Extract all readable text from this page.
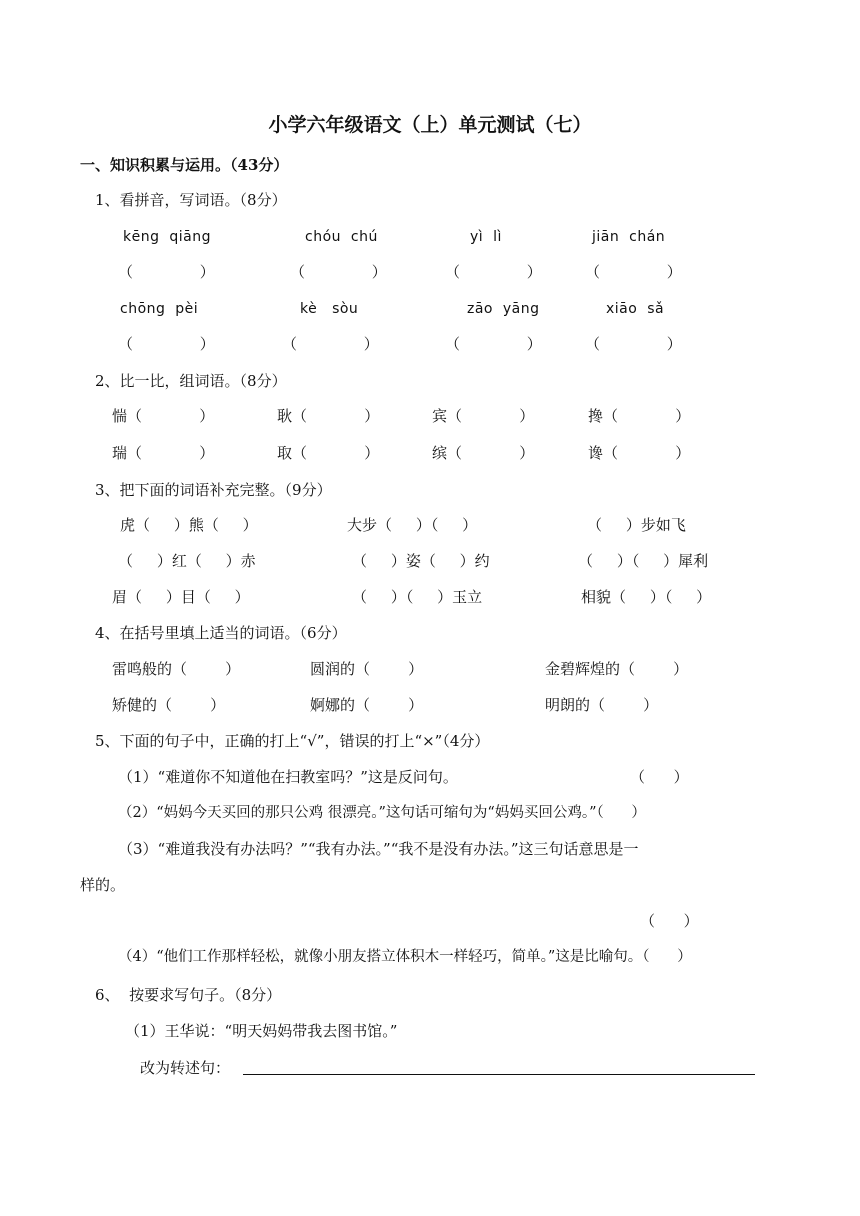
小学六年级语文（上）单元测试（七）
一、知识积累与运用。（43分）
1、看拼音，写词语。（8分）
kēng  qiāng	chóu  chú	yì  lì	jiān  chán
（              ）	（              ）	（              ）	（              ）
chōng  pèi	kè   sòu	zāo  yāng	xiāo  sǎ
（              ）	（              ）	（              ）	（              ）
2、比一比，组词语。（8分）
惴（            ）	耿（            ）	宾（            ）	搀（            ）
瑞（            ）	取（            ）	缤（            ）	谗（            ）
3、把下面的词语补充完整。（9分）
虎（     ）熊（     ）	大步（     ）（     ）	（     ）步如飞
（     ）红（     ）赤	（     ）姿（     ）约	（     ）（     ）犀利
眉（     ）目（     ）	（     ）（     ）玉立	相貌（     ）（     ）
4、在括号里填上适当的词语。（6分）
雷鸣般的（        ）	圆润的（        ）	金碧辉煌的（        ）
矫健的（        ）	婀娜的（        ）	明朗的（        ）
5、下面的句子中，正确的打上“√”，错误的打上“×”（4分）
（1）“难道你不知道他在扫教室吗？”这是反问句。	（      ）
（2）“妈妈今天买回的那只公鸡 很漂亮。”这句话可缩句为“妈妈买回公鸡。”（      ）
（3）“难道我没有办法吗？”“我有办法。”“我不是没有办法。”这三句话意思是一
样的。
（      ）
（4）“他们工作那样轻松，就像小朋友搭立体积木一样轻巧，简单。”这是比喻句。（      ）
6、  按要求写句子。（8分）
（1）王华说：“明天妈妈带我去图书馆。”
改为转述句：
